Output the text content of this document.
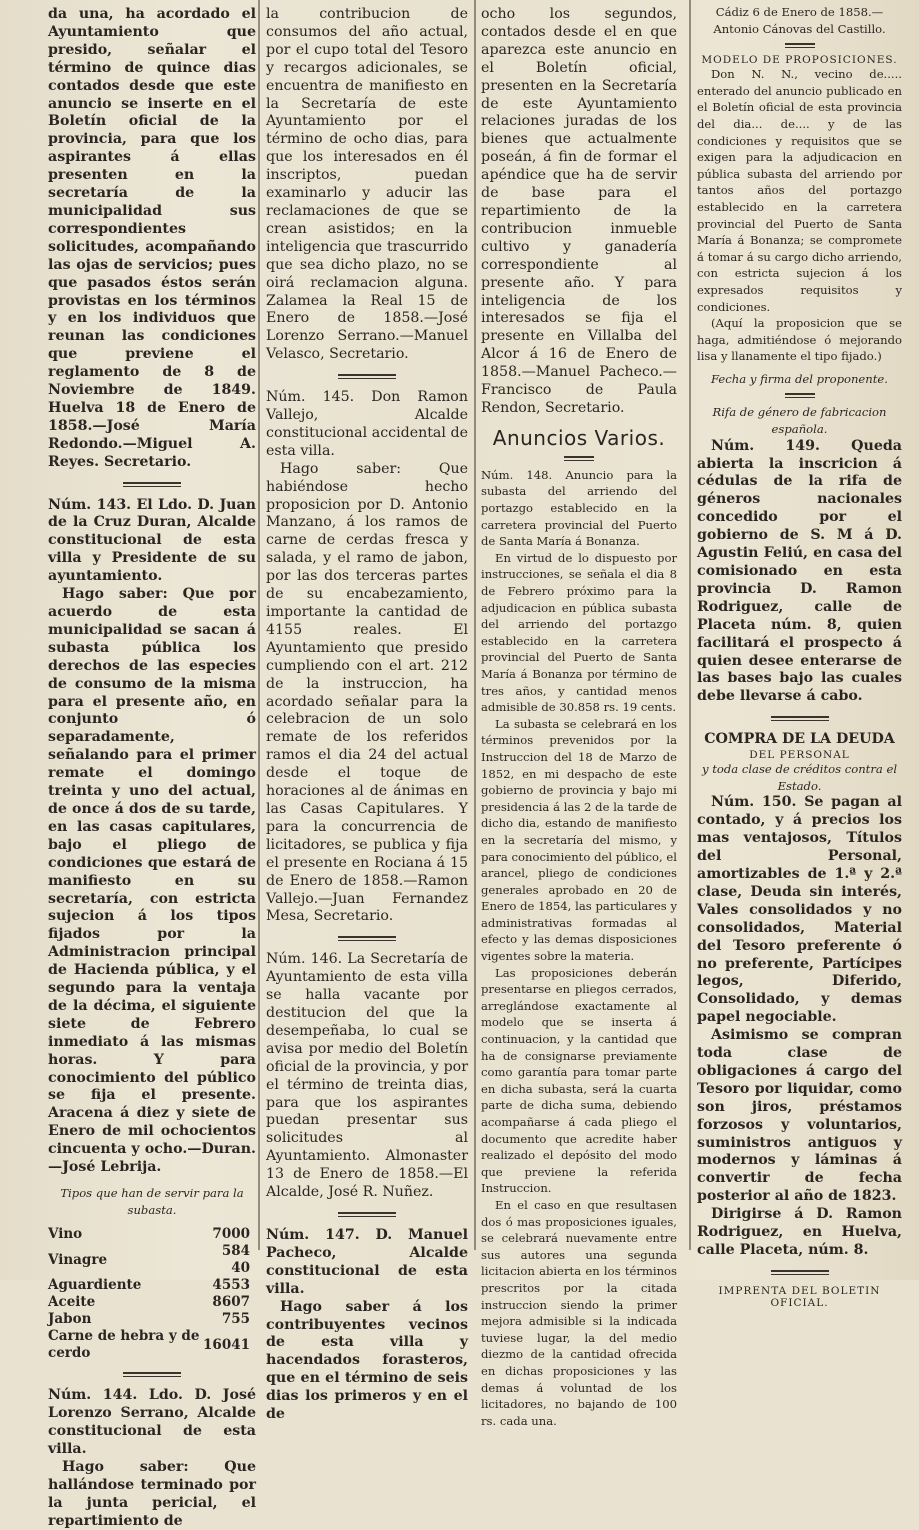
da una, ha acordado el Ayuntamiento que presido, señalar el término de quince dias contados desde que este anuncio se inserte en el Boletín oficial de la provincia, para que los aspirantes á ellas presenten en la secretaría de la municipalidad sus correspondientes solicitudes, acompañando las ojas de servicios; pues que pasados éstos serán provistas en los términos y en los individuos que reunan las condiciones que previene el reglamento de 8 de Noviembre de 1849. Huelva 18 de Enero de 1858.—José María Redondo.—Miguel A. Reyes. Secretario.

Núm. 143. El Ldo. D. Juan de la Cruz Duran, Alcalde constitucional de esta villa y Presidente de su ayuntamiento.

Hago saber: Que por acuerdo de esta municipalidad se sacan á subasta pública los derechos de las especies de consumo de la misma para el presente año, en conjunto ó separadamente, señalando para el primer remate el domingo treinta y uno del actual, de once á dos de su tarde, en las casas capitulares, bajo el pliego de condiciones que estará de manifiesto en su secretaría, con estricta sujecion á los tipos fijados por la Administracion principal de Hacienda pública, y el segundo para la ventaja de la décima, el siguiente siete de Febrero inmediato á las mismas horas. Y para conocimiento del público se fija el presente. Aracena á diez y siete de Enero de mil ochocientos cincuenta y ocho.—Duran.—José Lebrija.

Tipos que han de servir para la subasta.

Vino	7000
Vinagre	584 40
Aguardiente	4553
Aceite	8607
Jabon	755
Carne de hebra y de cerdo	16041

Núm. 144. Ldo. D. José Lorenzo Serrano, Alcalde constitucional de esta villa.

Hago saber: Que hallándose terminado por la junta pericial, el repartimiento de

la contribucion de consumos del año actual, por el cupo total del Tesoro y recargos adicionales, se encuentra de manifiesto en la Secretaría de este Ayuntamiento por el término de ocho dias, para que los interesados en él inscriptos, puedan examinarlo y aducir las reclamaciones de que se crean asistidos; en la inteligencia que trascurrido que sea dicho plazo, no se oirá reclamacion alguna. Zalamea la Real 15 de Enero de 1858.—José Lorenzo Serrano.—Manuel Velasco, Secretario.

Núm. 145. Don Ramon Vallejo, Alcalde constitucional accidental de esta villa.

Hago saber: Que habiéndose hecho proposicion por D. Antonio Manzano, á los ramos de carne de cerdas fresca y salada, y el ramo de jabon, por las dos terceras partes de su encabezamiento, importante la cantidad de 4155 reales. El Ayuntamiento que presido cumpliendo con el art. 212 de la instruccion, ha acordado señalar para la celebracion de un solo remate de los referidos ramos el dia 24 del actual desde el toque de horaciones al de ánimas en las Casas Capitulares. Y para la concurrencia de licitadores, se publica y fija el presente en Rociana á 15 de Enero de 1858.—Ramon Vallejo.—Juan Fernandez Mesa, Secretario.

Núm. 146. La Secretaría de Ayuntamiento de esta villa se halla vacante por destitucion del que la desempeñaba, lo cual se avisa por medio del Boletín oficial de la provincia, y por el término de treinta dias, para que los aspirantes puedan presentar sus solicitudes al Ayuntamiento. Almonaster 13 de Enero de 1858.—El Alcalde, José R. Nuñez.

Núm. 147. D. Manuel Pacheco, Alcalde constitucional de esta villa.

Hago saber á los contribuyentes vecinos de esta villa y hacendados forasteros, que en el término de seis dias los primeros y en el de

ocho los segundos, contados desde el en que aparezca este anuncio en el Boletín oficial, presenten en la Secretaría de este Ayuntamiento relaciones juradas de los bienes que actualmente poseán, á fin de formar el apéndice que ha de servir de base para el repartimiento de la contribucion inmueble cultivo y ganadería correspondiente al presente año. Y para inteligencia de los interesados se fija el presente en Villalba del Alcor á 16 de Enero de 1858.—Manuel Pacheco.—Francisco de Paula Rendon, Secretario.

Anuncios Varios.

Núm. 148. Anuncio para la subasta del arriendo del portazgo establecido en la carretera provincial del Puerto de Santa María á Bonanza.

En virtud de lo dispuesto por instrucciones, se señala el dia 8 de Febrero próximo para la adjudicacion en pública subasta del arriendo del portazgo establecido en la carretera provincial del Puerto de Santa María á Bonanza por término de tres años, y cantidad menos admisible de 30.858 rs. 19 cents.

La subasta se celebrará en los términos prevenidos por la Instruccion del 18 de Marzo de 1852, en mi despacho de este gobierno de provincia y bajo mi presidencia á las 2 de la tarde de dicho dia, estando de manifiesto en la secretaría del mismo, y para conocimiento del público, el arancel, pliego de condiciones generales aprobado en 20 de Enero de 1854, las particulares y administrativas formadas al efecto y las demas disposiciones vigentes sobre la materia.

Las proposiciones deberán presentarse en pliegos cerrados, arreglándose exactamente al modelo que se inserta á continuacion, y la cantidad que ha de consignarse previamente como garantía para tomar parte en dicha subasta, será la cuarta parte de dicha suma, debiendo acompañarse á cada pliego el documento que acredite haber realizado el depósito del modo que previene la referida Instruccion.

En el caso en que resultasen dos ó mas proposiciones iguales, se celebrará nuevamente entre sus autores una segunda licitacion abierta en los términos prescritos por la citada instruccion siendo la primer mejora admisible si la indicada tuviese lugar, la del medio diezmo de la cantidad ofrecida en dichas proposiciones y las demas á voluntad de los licitadores, no bajando de 100 rs. cada una.

Cádiz 6 de Enero de 1858.—Antonio Cánovas del Castillo.

MODELO DE PROPOSICIONES.

Don N. N., vecino de..... enterado del anuncio publicado en el Boletín oficial de esta provincia del dia... de.... y de las condiciones y requisitos que se exigen para la adjudicacion en pública subasta del arriendo por tantos años del portazgo establecido en la carretera provincial del Puerto de Santa María á Bonanza; se compromete á tomar á su cargo dicho arriendo, con estricta sujecion á los expresados requisitos y condiciones.

(Aquí la proposicion que se haga, admitiéndose ó mejorando lisa y llanamente el tipo fijado.)

Fecha y firma del proponente.

Rifa de género de fabricacion española.

Núm. 149. Queda abierta la inscricion á cédulas de la rifa de géneros nacionales concedido por el gobierno de S. M á D. Agustin Feliú, en casa del comisionado en esta provincia D. Ramon Rodriguez, calle de Placeta núm. 8, quien facilitará el prospecto á quien desee enterarse de las bases bajo las cuales debe llevarse á cabo.

COMPRA DE LA DEUDA

DEL PERSONAL

y toda clase de créditos contra el Estado.

Núm. 150. Se pagan al contado, y á precios los mas ventajosos, Títulos del Personal, amortizables de 1.ª y 2.ª clase, Deuda sin interés, Vales consolidados y no consolidados, Material del Tesoro preferente ó no preferente, Partícipes legos, Diferido, Consolidado, y demas papel negociable.

Asimismo se compran toda clase de obligaciones á cargo del Tesoro por liquidar, como son jiros, préstamos forzosos y voluntarios, suministros antiguos y modernos y láminas á convertir de fecha posterior al año de 1823.

Dirigirse á D. Ramon Rodriguez, en Huelva, calle Placeta, núm. 8.

IMPRENTA DEL BOLETIN OFICIAL.
